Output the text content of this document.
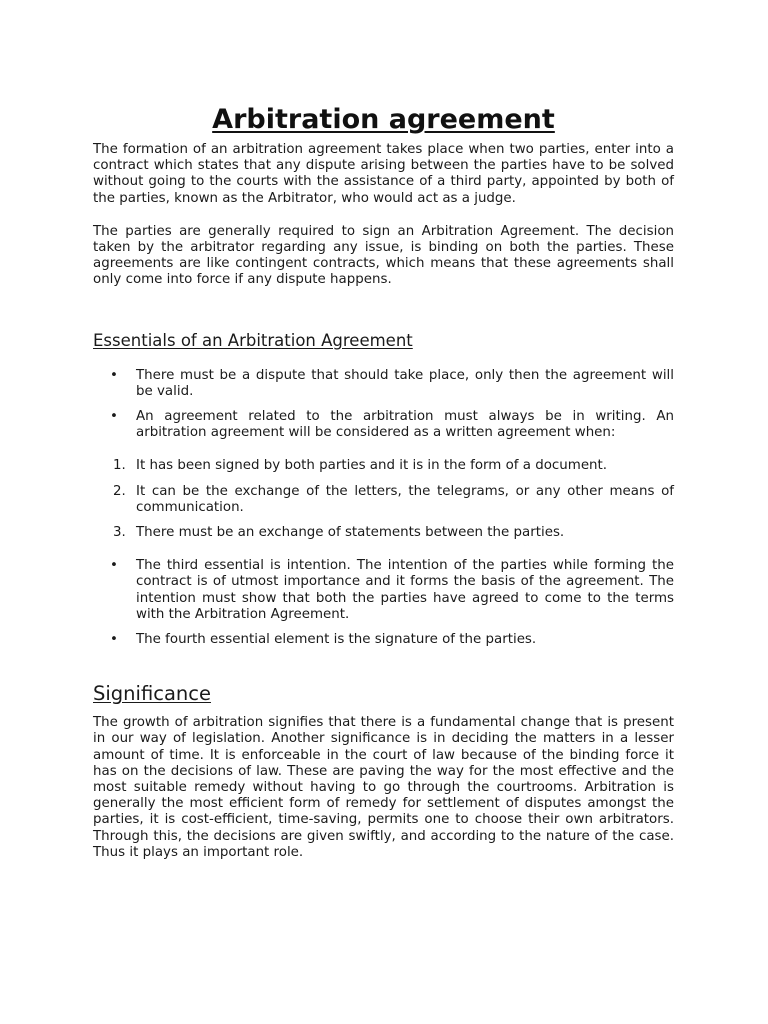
Arbitration agreement

The formation of an arbitration agreement takes place when two parties, enter into a contract which states that any dispute arising between the parties have to be solved without going to the courts with the assistance of a third party, appointed by both of the parties, known as the Arbitrator, who would act as a judge.

The parties are generally required to sign an Arbitration Agreement. The decision taken by the arbitrator regarding any issue, is binding on both the parties. These agreements are like contingent contracts, which means that these agreements shall only come into force if any dispute happens.

Essentials of an Arbitration Agreement
• There must be a dispute that should take place, only then the agreement will be valid.
• An agreement related to the arbitration must always be in writing. An arbitration agreement will be considered as a written agreement when:
1. It has been signed by both parties and it is in the form of a document.
2. It can be the exchange of the letters, the telegrams, or any other means of communication.
3. There must be an exchange of statements between the parties.
• The third essential is intention. The intention of the parties while forming the contract is of utmost importance and it forms the basis of the agreement. The intention must show that both the parties have agreed to come to the terms with the Arbitration Agreement.
• The fourth essential element is the signature of the parties.
Significance

The growth of arbitration signifies that there is a fundamental change that is present in our way of legislation. Another significance is in deciding the matters in a lesser amount of time. It is enforceable in the court of law because of the binding force it has on the decisions of law. These are paving the way for the most effective and the most suitable remedy without having to go through the courtrooms. Arbitration is generally the most efficient form of remedy for settlement of disputes amongst the parties, it is cost-efficient, time-saving, permits one to choose their own arbitrators. Through this, the decisions are given swiftly, and according to the nature of the case. Thus it plays an important role.
